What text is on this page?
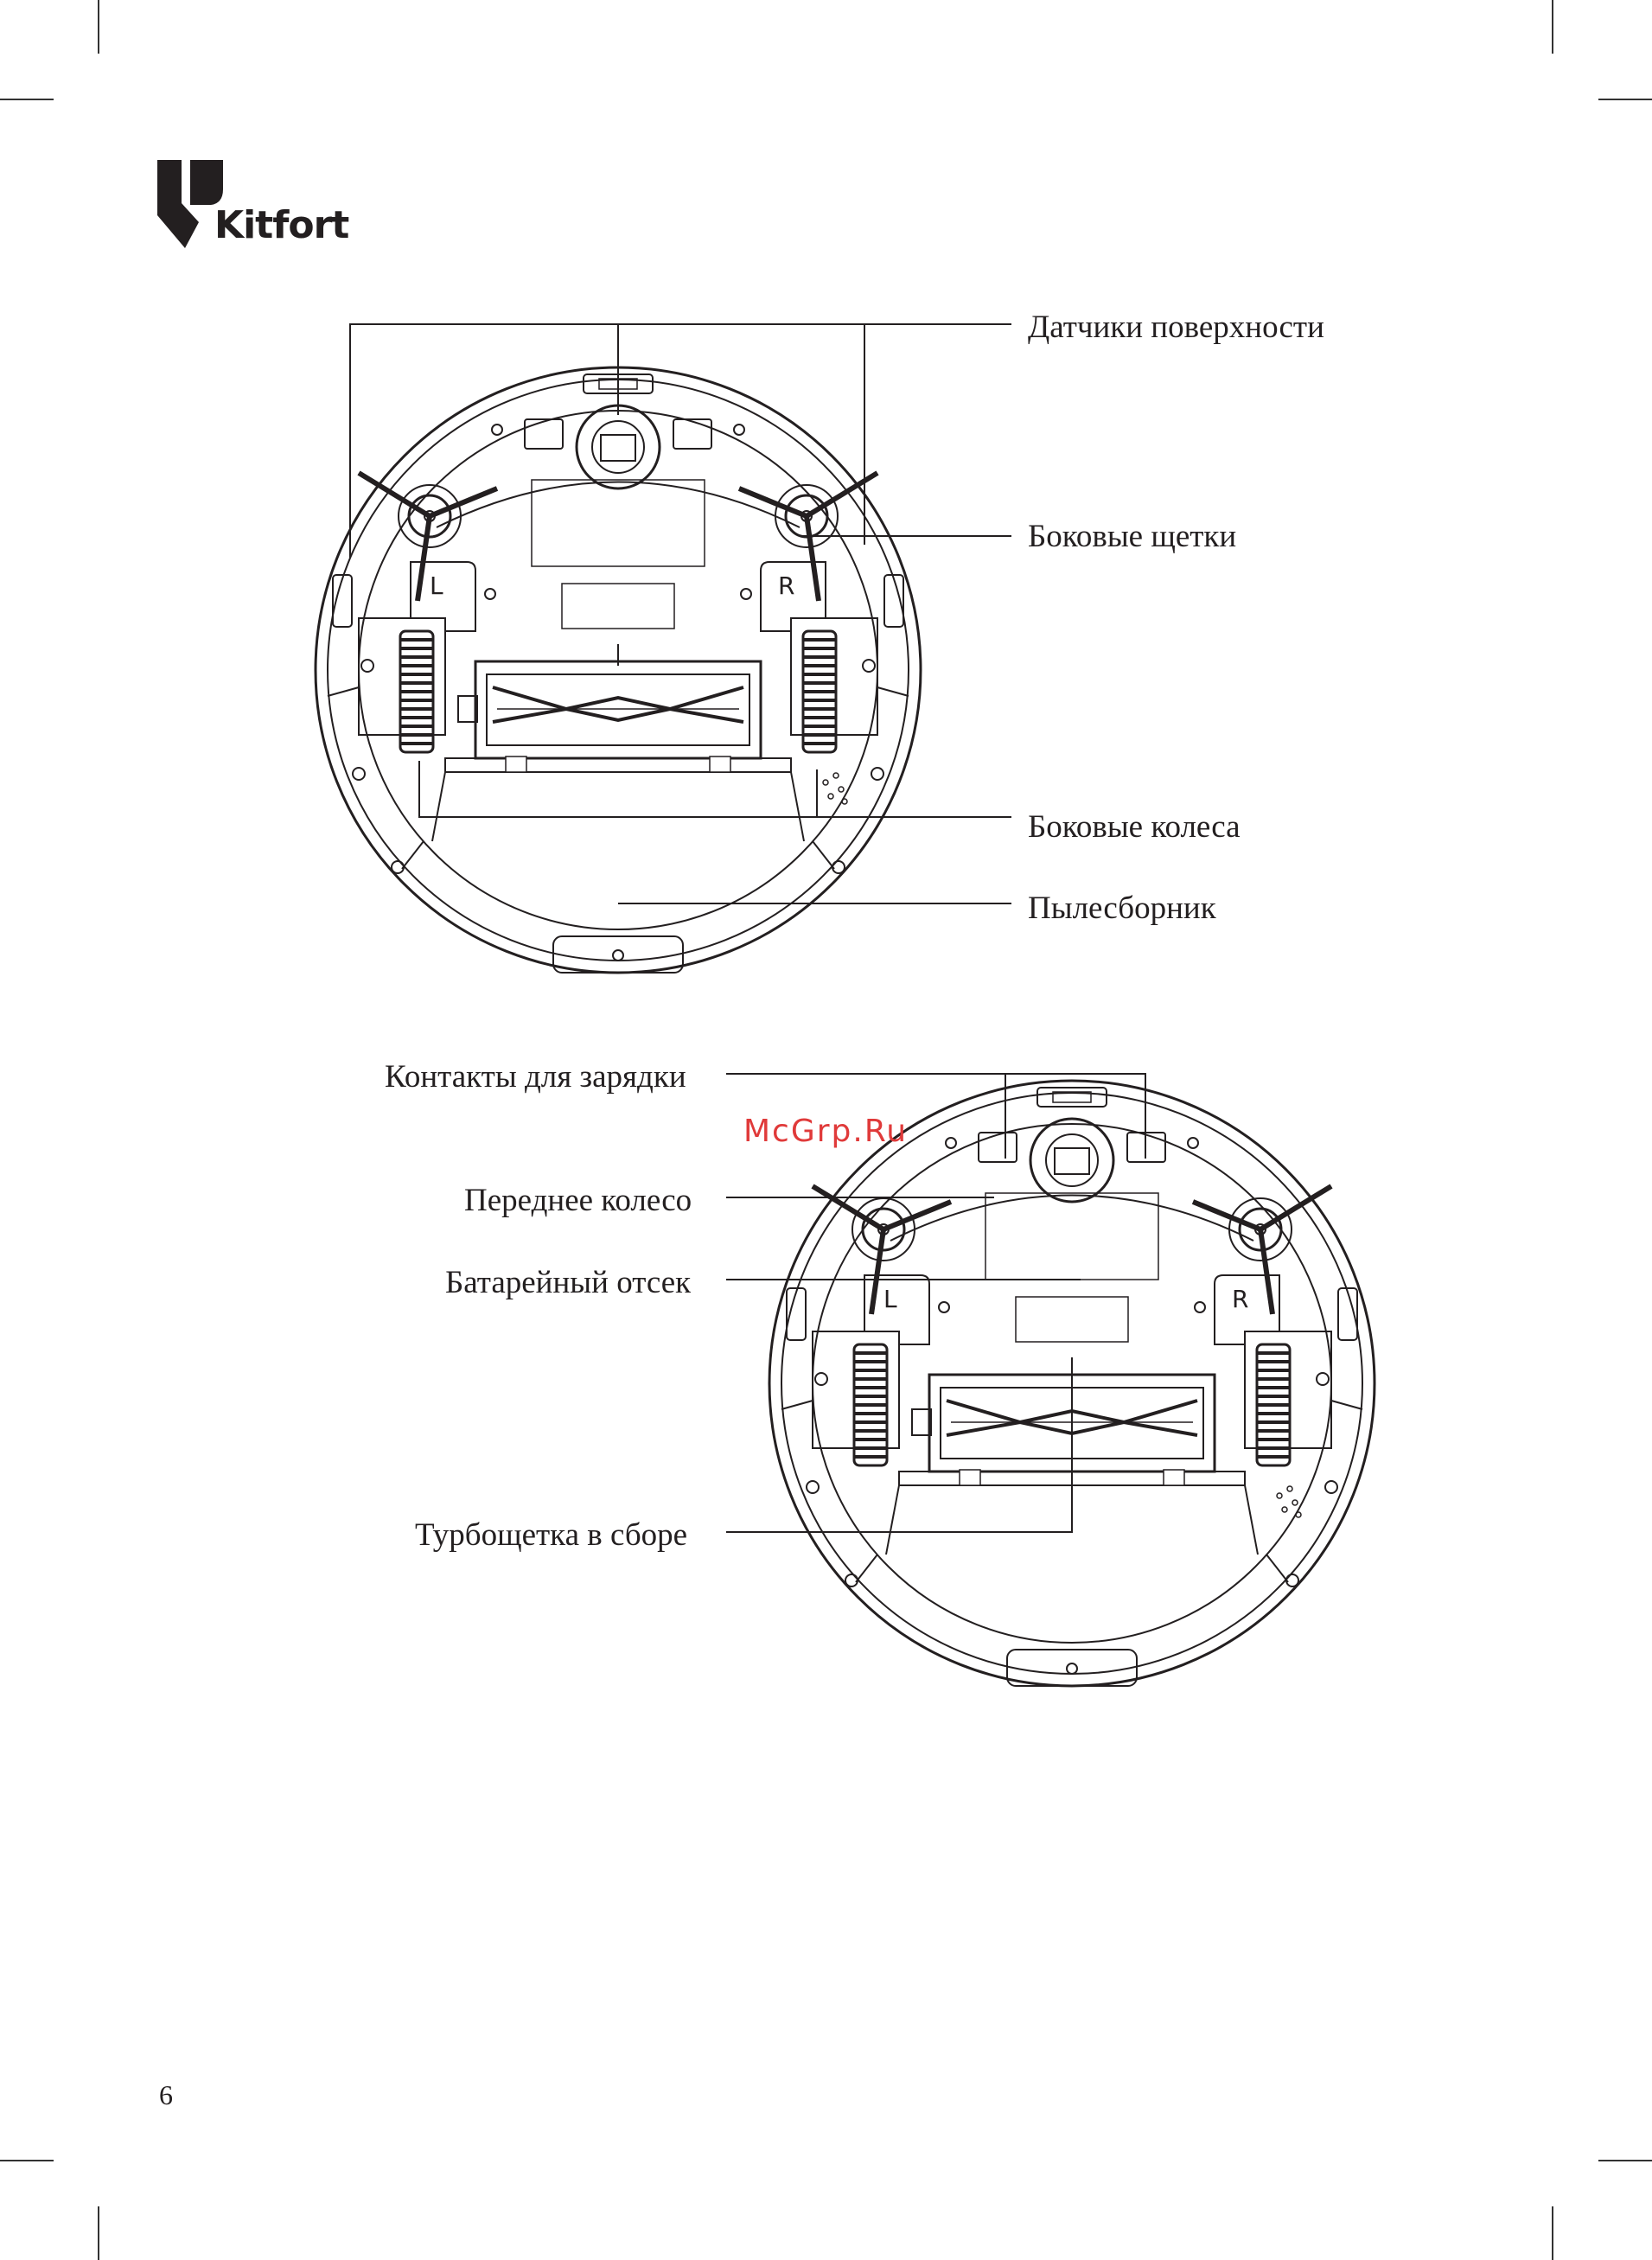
Kitfort
L	R
L	R
Датчики поверхности
Боковые щетки
Боковые колеса
Пылесборник
Контакты для зарядки
Переднее колесо
Батарейный отсек
Турбощетка в сборе
McGrp.Ru
6
